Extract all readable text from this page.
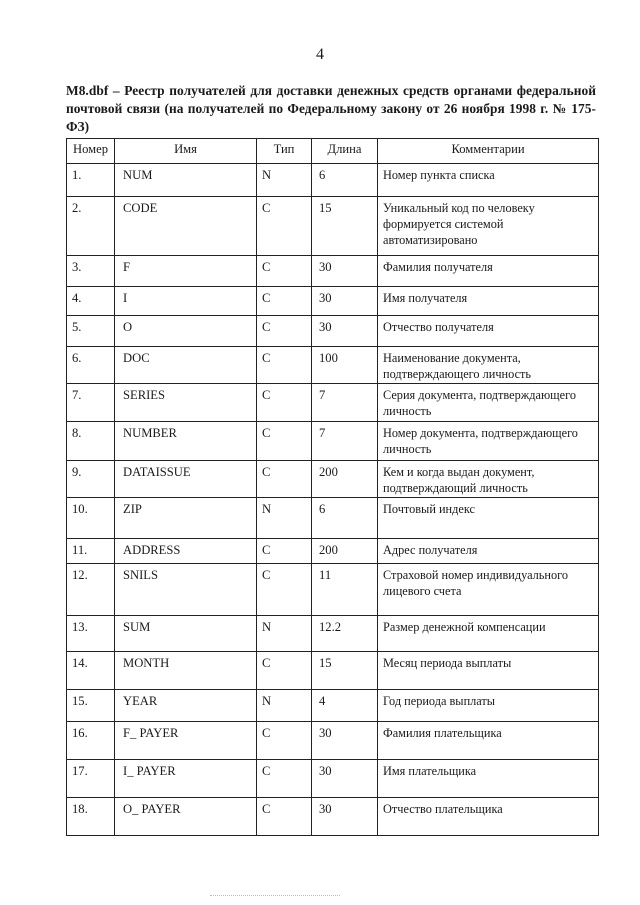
4
M8.dbf – Реестр получателей для доставки денежных средств органами федеральной почтовой связи (на получателей по Федеральному закону от 26 ноября 1998 г. № 175-ФЗ)
Номер	Имя	Тип	Длина	Комментарии
1.	NUM	N	6	Номер пункта списка
2.	CODE	C	15	Уникальный код по человеку формируется системой автоматизировано
3.	F	C	30	Фамилия получателя
4.	I	C	30	Имя получателя
5.	O	C	30	Отчество получателя
6.	DOC	C	100	Наименование документа, подтверждающего личность
7.	SERIES	C	7	Серия документа, подтверждающего личность
8.	NUMBER	C	7	Номер документа, подтверждающего личность
9.	DATAISSUE	C	200	Кем и когда выдан документ, подтверждающий личность
10.	ZIP	N	6	Почтовый индекс
11.	ADDRESS	C	200	Адрес получателя
12.	SNILS	C	11	Страховой номер индивидуального лицевого счета
13.	SUM	N	12.2	Размер денежной компенсации
14.	MONTH	C	15	Месяц периода выплаты
15.	YEAR	N	4	Год периода выплаты
16.	F_ PAYER	C	30	Фамилия плательщика
17.	I_ PAYER	C	30	Имя плательщика
18.	O_ PAYER	C	30	Отчество плательщика
